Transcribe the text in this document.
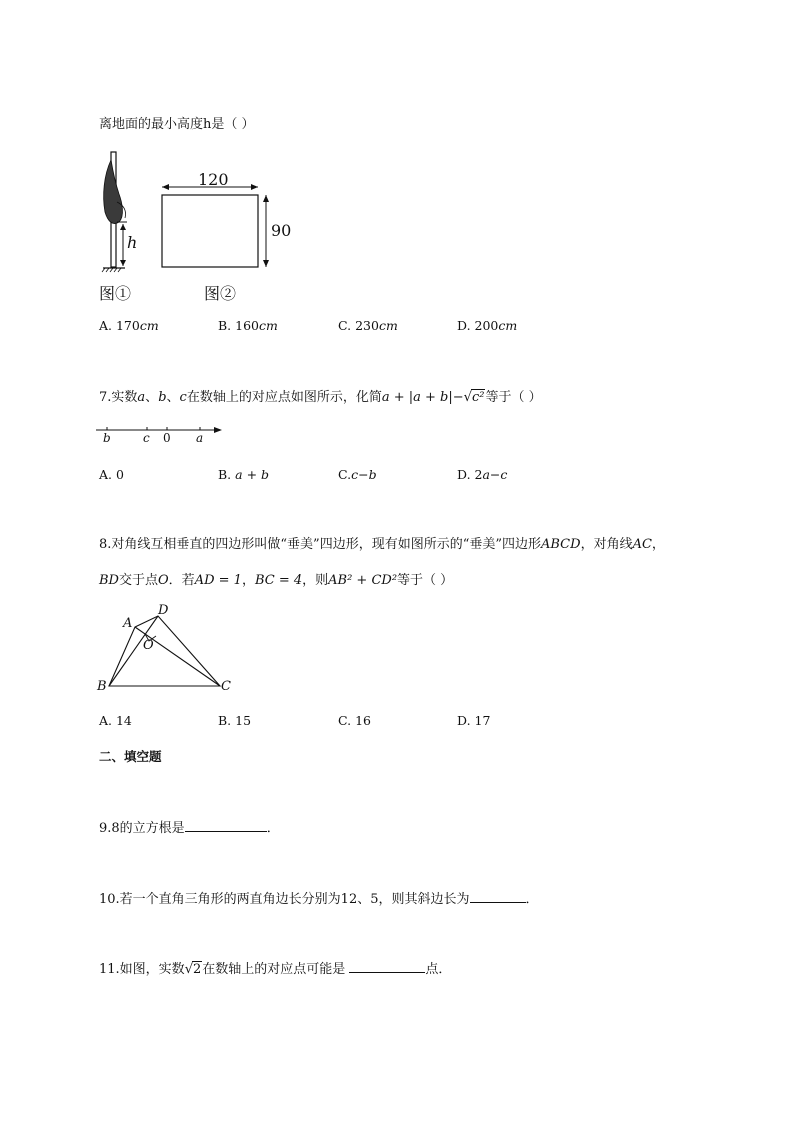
离地面的最小高度h是（ ）
h
图①
120
90
图②
A. 170cm	B. 160cm	C. 230cm	D. 200cm
7.实数a、b、c在数轴上的对应点如图所示，化简a + |a + b|−√c²等于（ ）
b	c 0 a
A. 0	B. a + b	C.c−b	D. 2a−c
8.对角线互相垂直的四边形叫做“垂美”四边形，现有如图所示的“垂美”四边形ABCD，对角线AC，
BD交于点O．若AD = 1，BC = 4，则AB² + CD²等于（ ）
A
D
O
B	C
A. 14	B. 15	C. 16	D. 17
二、填空题
9.8的立方根是	．
10.若一个直角三角形的两直角边长分别为12、5，则其斜边长为	．
11.如图，实数√2在数轴上的对应点可能是	点．
